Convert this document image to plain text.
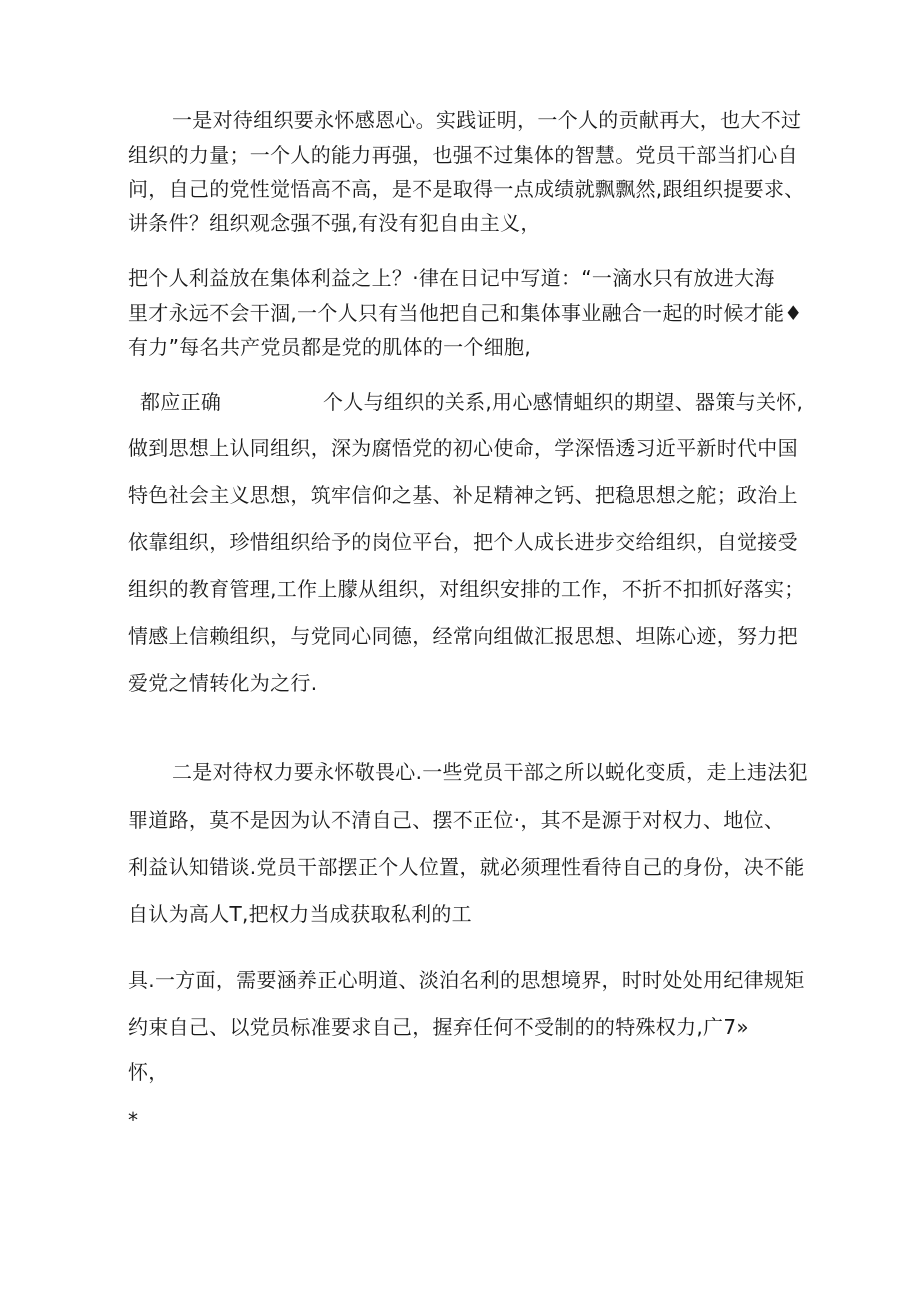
一是对待组织要永怀感恩心。实践证明，一个人的贡献再大，也大不过
组织的力量；一个人的能力再强，也强不过集体的智慧。党员干部当扪心自
问，自己的党性觉悟高不高，是不是取得一点成绩就飘飘然,跟组织提要求、
讲条件？组织观念强不强,有没有犯自由主义，
把个人利益放在集体利益之上？·律在日记中写道：“一滴水只有放进大海
里才永远不会干涸,一个人只有当他把自己和集体事业融合一起的时候才能♦
有力”每名共产党员都是党的肌体的一个细胞,
都应正确	个人与组织的关系,用心感情蛆织的期望、器策与关怀,
做到思想上认同组织，深为腐悟党的初心使命，学深悟透习近平新时代中国
特色社会主义思想，筑牢信仰之基、补足精神之钙、把稳思想之舵；政治上
依靠组织，珍惜组织给予的岗位平台，把个人成长进步交给组织，自觉接受
组织的教育管理,工作上朦从组织，对组织安排的工作，不折不扣抓好落实；
情感上信赖组织，与党同心同德，经常向组做汇报思想、坦陈心迹，努力把
爱党之情转化为之行.
二是对待权力要永怀敬畏心.一些党员干部之所以蜕化变质，走上违法犯
罪道路，莫不是因为认不清自己、摆不正位·，其不是源于对权力、地位、
利益认知错谈.党员干部摆正个人位置，就必须理性看待自己的身份，决不能
自认为高人T,把权力当成获取私利的工
具.一方面，需要涵养正心明道、淡泊名利的思想境界，时时处处用纪律规矩
约束自己、以党员标准要求自己，握弃任何不受制的的特殊权力,广7»
怀，
*
